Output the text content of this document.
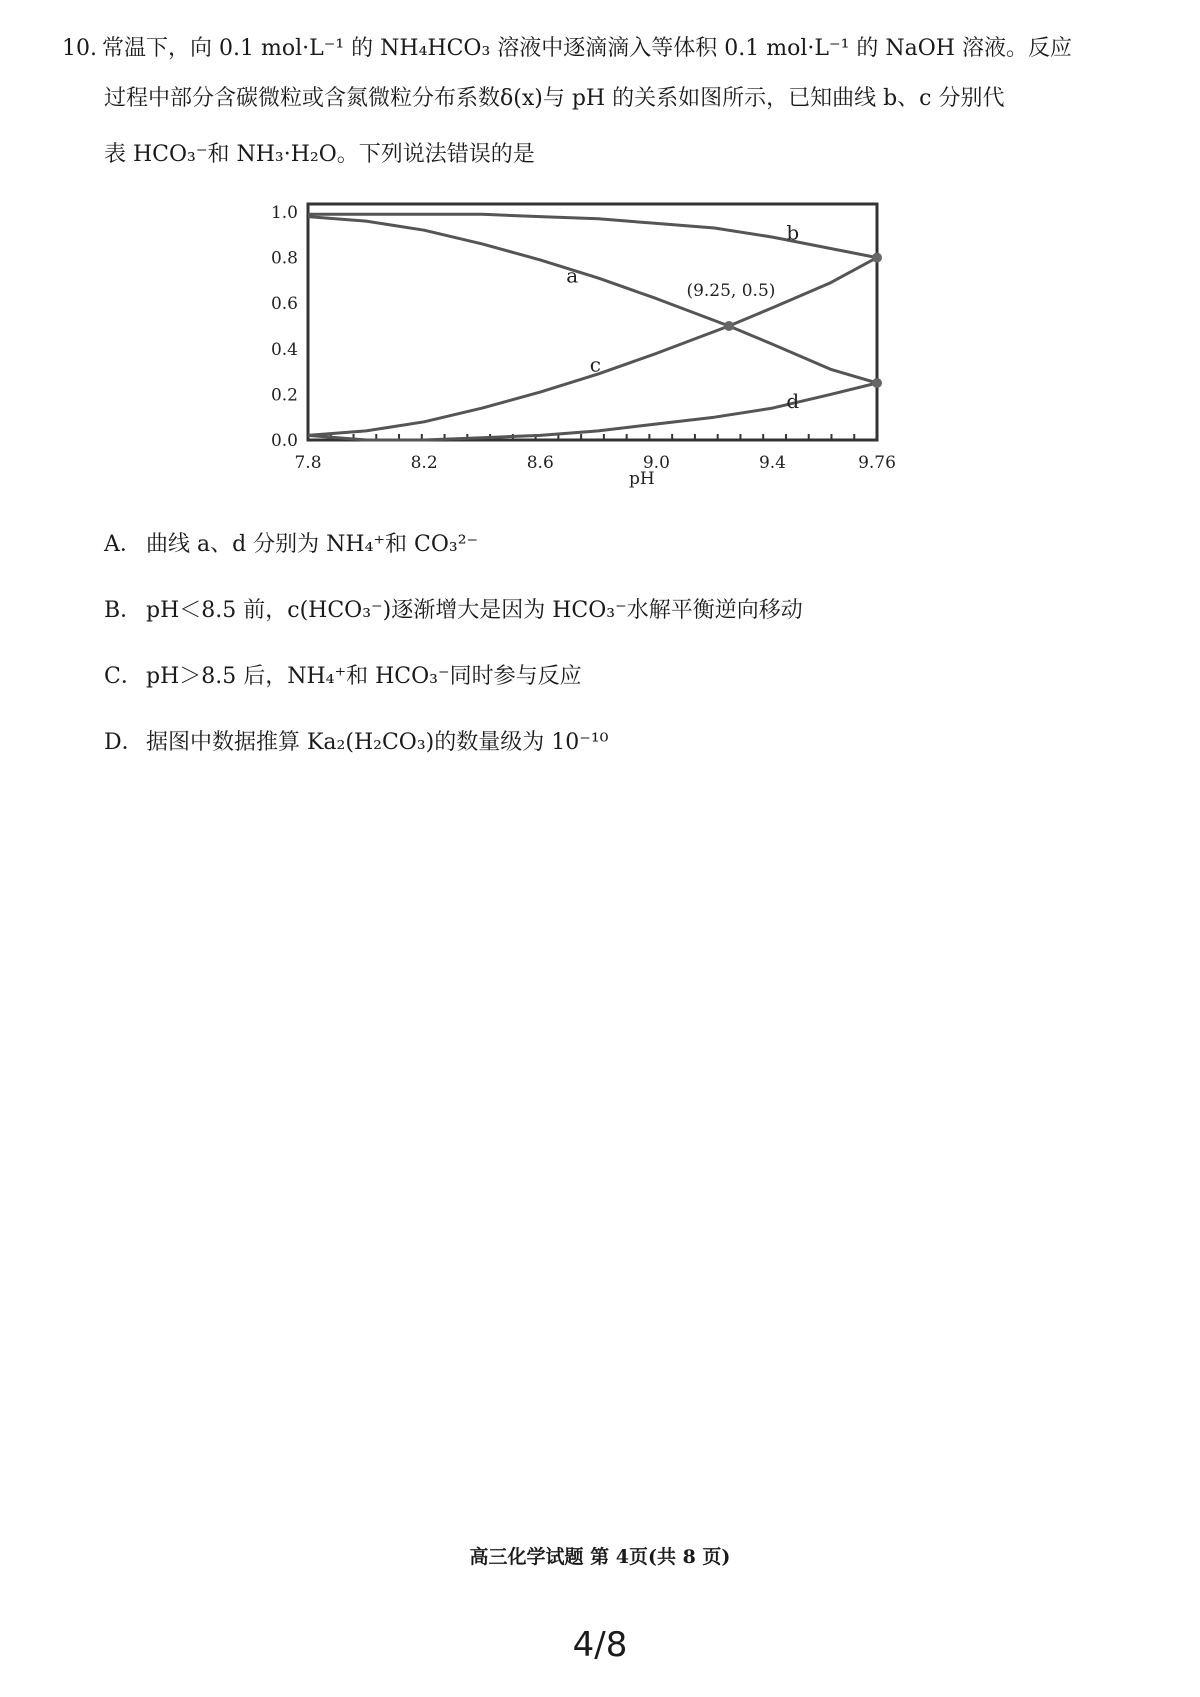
10. 常温下，向 0.1 mol·L⁻¹ 的 NH₄HCO₃ 溶液中逐滴滴入等体积 0.1 mol·L⁻¹ 的 NaOH 溶液。反应
过程中部分含碳微粒或含氮微粒分布系数δ(x)与 pH 的关系如图所示，已知曲线 b、c 分别代
表 HCO₃⁻和 NH₃·H₂O。下列说法错误的是
7.8	8.2	8.6	9.0	9.4	9.76
pH
0.0
0.2
0.4
0.6
0.8
1.0
a
b
c
d
(9.25, 0.5)
A． 曲线 a、d 分别为 NH₄⁺和 CO₃²⁻
B． pH＜8.5 前，c(HCO₃⁻)逐渐增大是因为 HCO₃⁻水解平衡逆向移动
C． pH＞8.5 后，NH₄⁺和 HCO₃⁻同时参与反应
D． 据图中数据推算 Ka₂(H₂CO₃)的数量级为 10⁻¹⁰
高三化学试题 第 4页(共 8 页)
4/8
